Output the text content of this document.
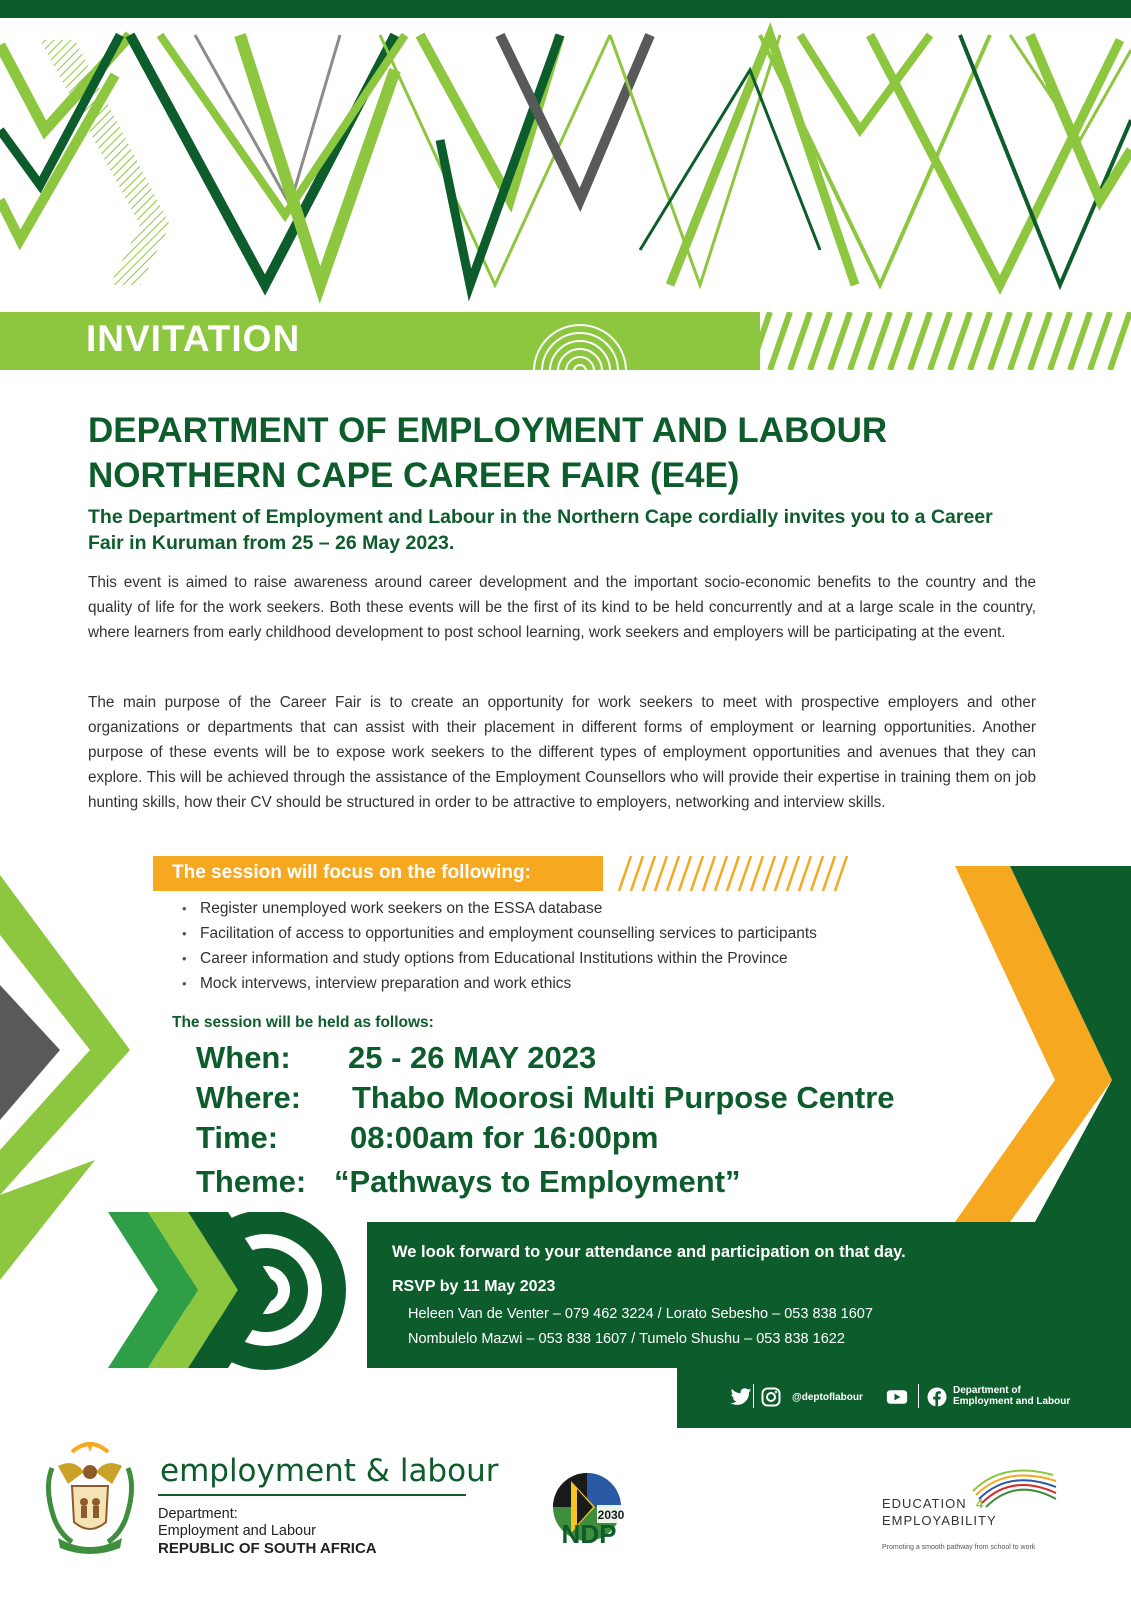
INVITATION
DEPARTMENT OF EMPLOYMENT AND LABOUR
NORTHERN CAPE CAREER FAIR (E4E)

The Department of Employment and Labour in the Northern Cape cordially invites you to a Career Fair in Kuruman from 25 – 26 May 2023.

This event is aimed to raise awareness around career development and the important socio-economic benefits to the country and the quality of life for the work seekers. Both these events will be the first of its kind to be held concurrently and at a large scale in the country, where learners from early childhood development to post school learning, work seekers and employers will be participating at the event.

The main purpose of the Career Fair is to create an opportunity for work seekers to meet with prospective employers and other organizations or departments that can assist with their placement in different forms of employment or learning opportunities. Another purpose of these events will be to expose work seekers to the different types of employment opportunities and avenues that they can explore. This will be achieved through the assistance of the Employment Counsellors who will provide their expertise in training them on job hunting skills, how their CV should be structured in order to be attractive to employers, networking and interview skills.

The session will focus on the following:
• Register unemployed work seekers on the ESSA database
• Facilitation of access to opportunities and employment counselling services to participants
• Career information and study options from Educational Institutions within the Province
• Mock intervews, interview preparation and work ethics
The session will be held as follows:
When: 25 - 26 MAY 2023
Where: Thabo Moorosi Multi Purpose Centre
Time: 08:00am for 16:00pm
Theme: “Pathways to Employment”
We look forward to your attendance and participation on that day.
RSVP by 11 May 2023
Heleen Van de Venter – 079 462 3224 / Lorato Sebesho – 053 838 1607
Nombulelo Mazwi – 053 838 1607 / Tumelo Shushu – 053 838 1622
@deptoflabour
Department of
Employment and Labour
employment & labour
Department:
Employment and Labour
REPUBLIC OF SOUTH AFRICA
2030
NDP
EDUCATION 4
EMPLOYABILITY
Promoting a smooth pathway from school to work
